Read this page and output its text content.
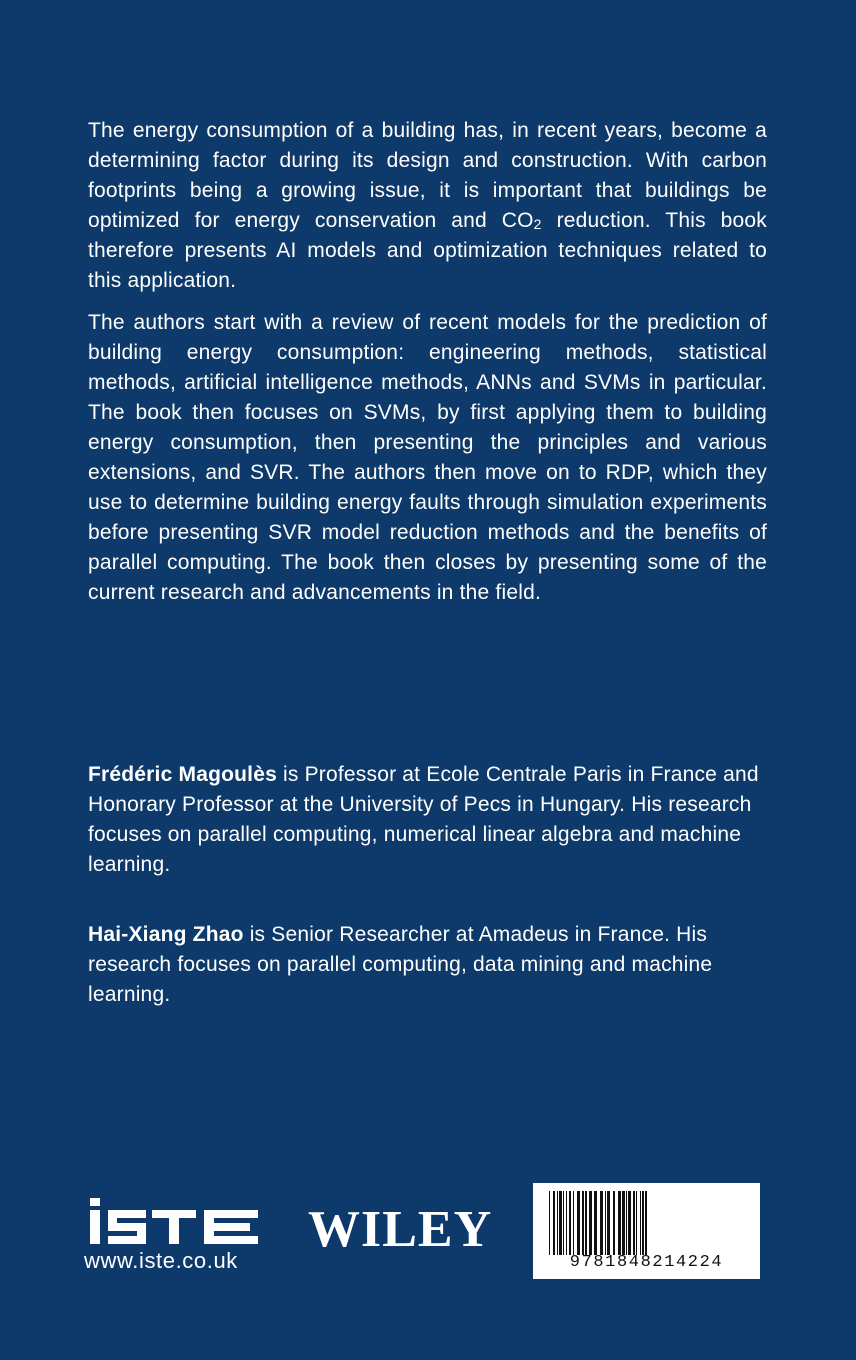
The energy consumption of a building has, in recent years, become a determining factor during its design and construction. With carbon footprints being a growing issue, it is important that buildings be optimized for energy conservation and $CO_2$ reduction. This book therefore presents AI models and optimization techniques related to this application.

The authors start with a review of recent models for the prediction of building energy consumption: engineering methods, statistical methods, artificial intelligence methods, ANNs and SVMs in particular. The book then focuses on SVMs, by first applying them to building energy consumption, then presenting the principles and various extensions, and SVR. The authors then move on to RDP, which they use to determine building energy faults through simulation experiments before presenting SVR model reduction methods and the benefits of parallel computing. The book then closes by presenting some of the current research and advancements in the field.

Frédéric Magoulès is Professor at Ecole Centrale Paris in France and Honorary Professor at the University of Pecs in Hungary. His research focuses on parallel computing, numerical linear algebra and machine learning.

Hai-Xiang Zhao is Senior Researcher at Amadeus in France. His research focuses on parallel computing, data mining and machine learning.

www.iste.co.uk
WILEY
9781848214224
